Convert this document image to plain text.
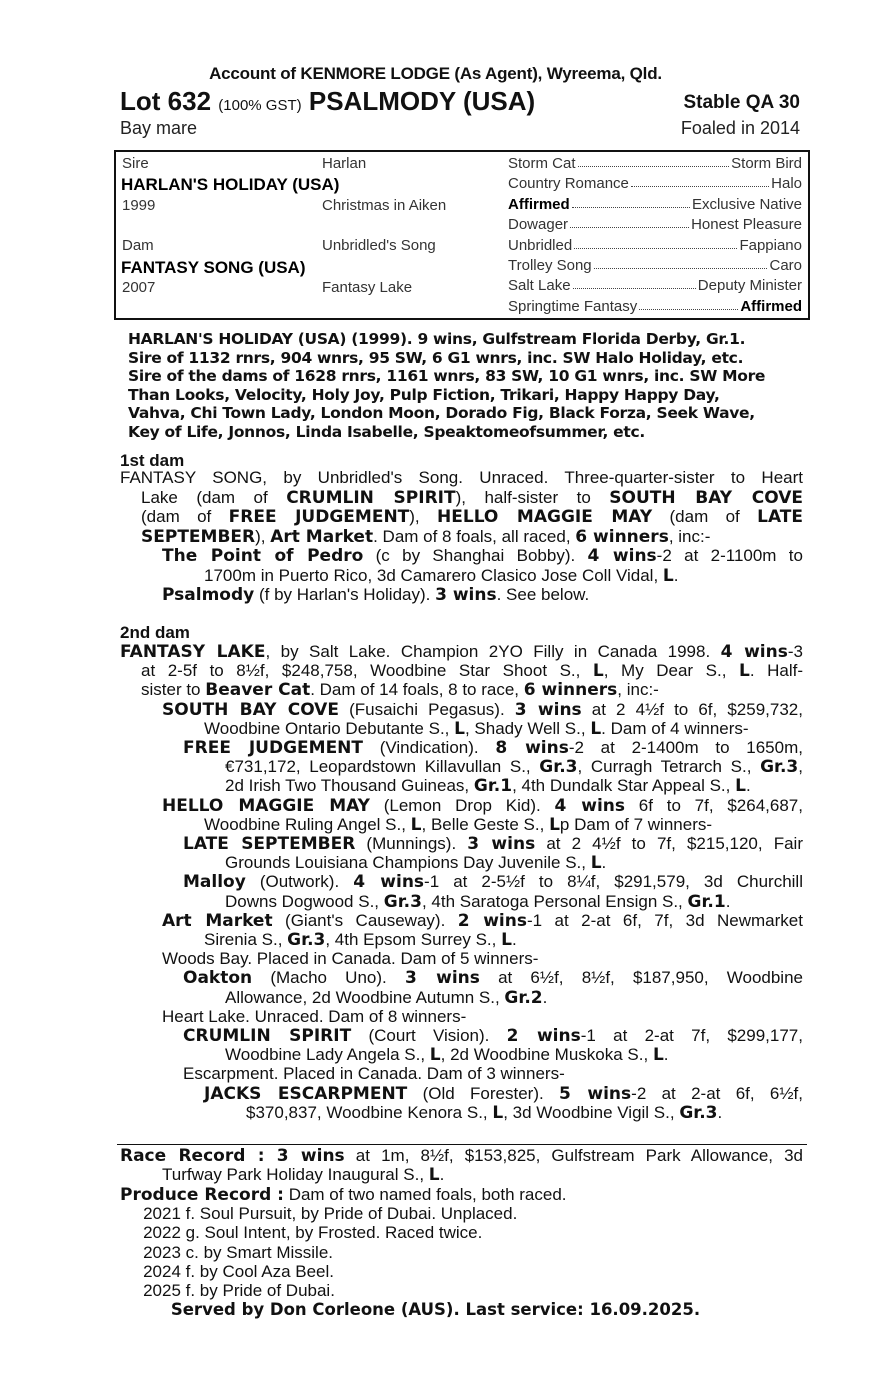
Account of KENMORE LODGE (As Agent), Wyreema, Qld.
Lot 632 (100% GST) PSALMODY (USA)	Stable QA 30
Bay mare	Foaled in 2014
Sire	Harlan
HARLAN'S HOLIDAY (USA)
1999	Christmas in Aiken
Dam	Unbridled's Song
FANTASY SONG (USA)
2007	Fantasy Lake
Storm Cat	Storm Bird
Country Romance	Halo
Affirmed	Exclusive Native
Dowager	Honest Pleasure
Unbridled	Fappiano
Trolley Song	Caro
Salt Lake	Deputy Minister
Springtime Fantasy	Affirmed
HARLAN'S HOLIDAY (USA) (1999). 9 wins, Gulfstream Florida Derby, Gr.1.
Sire of 1132 rnrs, 904 wnrs, 95 SW, 6 G1 wnrs, inc. SW Halo Holiday, etc.
Sire of the dams of 1628 rnrs, 1161 wnrs, 83 SW, 10 G1 wnrs, inc. SW More
Than Looks, Velocity, Holy Joy, Pulp Fiction, Trikari, Happy Happy Day,
Vahva, Chi Town Lady, London Moon, Dorado Fig, Black Forza, Seek Wave,
Key of Life, Jonnos, Linda Isabelle, Speaktomeofsummer, etc.
1st dam
FANTASY SONG, by Unbridled's Song. Unraced. Three-quarter-sister to Heart
Lake (dam of CRUMLIN SPIRIT), half-sister to SOUTH BAY COVE
(dam of FREE JUDGEMENT), HELLO MAGGIE MAY (dam of LATE
SEPTEMBER), Art Market. Dam of 8 foals, all raced, 6 winners, inc:-
The Point of Pedro (c by Shanghai Bobby). 4 wins-2 at 2-1100m to
1700m in Puerto Rico, 3d Camarero Clasico Jose Coll Vidal, L.
Psalmody (f by Harlan's Holiday). 3 wins. See below.
2nd dam
FANTASY LAKE, by Salt Lake. Champion 2YO Filly in Canada 1998. 4 wins-3
at 2-5f to 8½f, $248,758, Woodbine Star Shoot S., L, My Dear S., L. Half-
sister to Beaver Cat. Dam of 14 foals, 8 to race, 6 winners, inc:-
SOUTH BAY COVE (Fusaichi Pegasus). 3 wins at 2 4½f to 6f, $259,732,
Woodbine Ontario Debutante S., L, Shady Well S., L. Dam of 4 winners-
FREE JUDGEMENT (Vindication). 8 wins-2 at 2-1400m to 1650m,
€731,172, Leopardstown Killavullan S., Gr.3, Curragh Tetrarch S., Gr.3,
2d Irish Two Thousand Guineas, Gr.1, 4th Dundalk Star Appeal S., L.
HELLO MAGGIE MAY (Lemon Drop Kid). 4 wins 6f to 7f, $264,687,
Woodbine Ruling Angel S., L, Belle Geste S., Lp Dam of 7 winners-
LATE SEPTEMBER (Munnings). 3 wins at 2 4½f to 7f, $215,120, Fair
Grounds Louisiana Champions Day Juvenile S., L.
Malloy (Outwork). 4 wins-1 at 2-5½f to 8¼f, $291,579, 3d Churchill
Downs Dogwood S., Gr.3, 4th Saratoga Personal Ensign S., Gr.1.
Art Market (Giant's Causeway). 2 wins-1 at 2-at 6f, 7f, 3d Newmarket
Sirenia S., Gr.3, 4th Epsom Surrey S., L.
Woods Bay. Placed in Canada. Dam of 5 winners-
Oakton (Macho Uno). 3 wins at 6½f, 8½f, $187,950, Woodbine
Allowance, 2d Woodbine Autumn S., Gr.2.
Heart Lake. Unraced. Dam of 8 winners-
CRUMLIN SPIRIT (Court Vision). 2 wins-1 at 2-at 7f, $299,177,
Woodbine Lady Angela S., L, 2d Woodbine Muskoka S., L.
Escarpment. Placed in Canada. Dam of 3 winners-
JACKS ESCARPMENT (Old Forester). 5 wins-2 at 2-at 6f, 6½f,
$370,837, Woodbine Kenora S., L, 3d Woodbine Vigil S., Gr.3.
Race Record : 3 wins at 1m, 8½f, $153,825, Gulfstream Park Allowance, 3d
Turfway Park Holiday Inaugural S., L.
Produce Record : Dam of two named foals, both raced.
2021 f. Soul Pursuit, by Pride of Dubai. Unplaced.
2022 g. Soul Intent, by Frosted. Raced twice.
2023 c. by Smart Missile.
2024 f. by Cool Aza Beel.
2025 f. by Pride of Dubai.
Served by Don Corleone (AUS). Last service: 16.09.2025.
